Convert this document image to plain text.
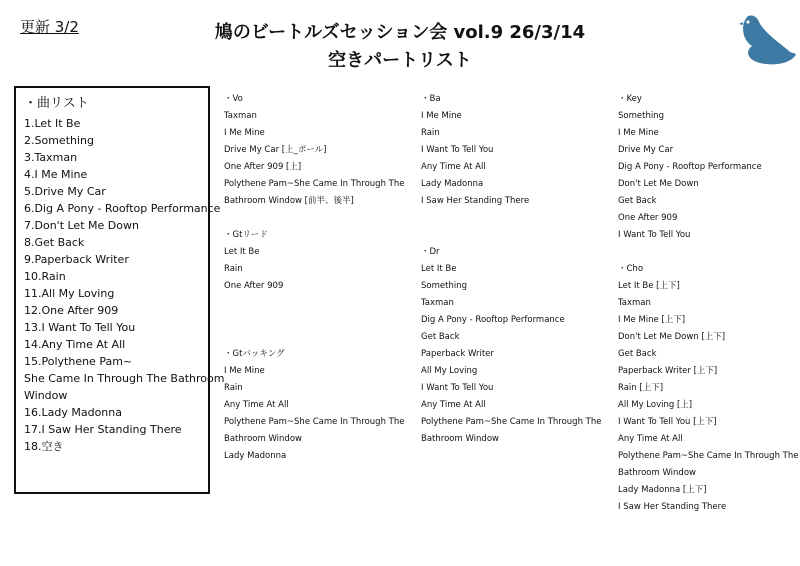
更新 3/2	鳩のビートルズセッション会 vol.9 26/3/14
空きパートリスト
・曲リスト
1.Let It Be
2.Something
3.Taxman
4.I Me Mine
5.Drive My Car
6.Dig A Pony - Rooftop Performance
7.Don't Let Me Down
8.Get Back
9.Paperback Writer
10.Rain
11.All My Loving
12.One After 909
13.I Want To Tell You
14.Any Time At All
15.Polythene Pam~
She Came In Through The Bathroom
Window
16.Lady Madonna
17.I Saw Her Standing There
18.空き
・Vo
Taxman
I Me Mine
Drive My Car [上_ポール]
One After 909 [上]
Polythene Pam~She Came In Through The
Bathroom Window [前半、後半]
・Gtリード
Let It Be
Rain
One After 909
・Gtバッキング
I Me Mine
Rain
Any Time At All
Polythene Pam~She Came In Through The
Bathroom Window
Lady Madonna
・Ba
I Me Mine
Rain
I Want To Tell You
Any Time At All
Lady Madonna
I Saw Her Standing There
・Dr
Let It Be
Something
Taxman
Dig A Pony - Rooftop Performance
Get Back
Paperback Writer
All My Loving
I Want To Tell You
Any Time At All
Polythene Pam~She Came In Through The
Bathroom Window
・Key
Something
I Me Mine
Drive My Car
Dig A Pony - Rooftop Performance
Don't Let Me Down
Get Back
One After 909
I Want To Tell You
・Cho
Let It Be [上下]
Taxman
I Me Mine [上下]
Don't Let Me Down [上下]
Get Back
Paperback Writer [上下]
Rain [上下]
All My Loving [上]
I Want To Tell You [上下]
Any Time At All
Polythene Pam~She Came In Through The
Bathroom Window
Lady Madonna [上下]
I Saw Her Standing There
